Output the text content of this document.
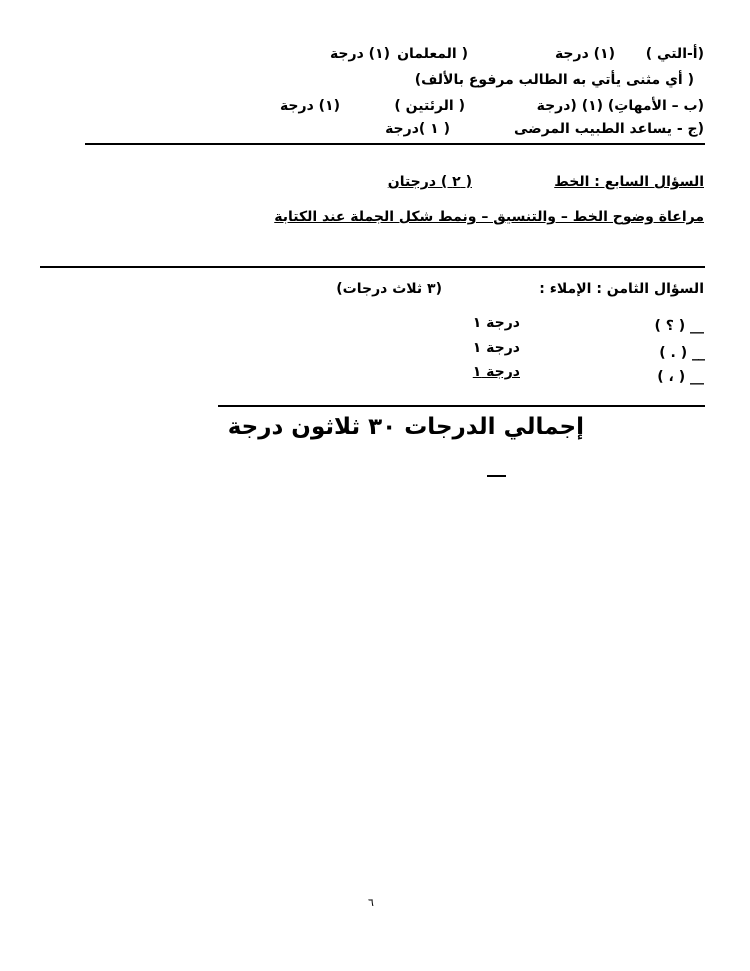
(أ-التي )
(١) درجة
( المعلمان
(١) درجة
( أي مثنى يأتي به الطالب مرفوع بالألف)
(ب – الأمهاتِ) (١) (درجة
( الرئتين )
(١) درجة
(ج - يساعد الطبيب المرضى
( ١ )درجة
السؤال السابع : الخط
( ٢ ) درجتان
مراعاة وضوح الخط – والتنسيق – ونمط شكل الجملة عند الكتابة
السؤال الثامن : الإملاء :
(٣ ثلاث درجات)
__ ( ؟ )
درجة ١
__ ( . )
درجة ١
__ ( ، )
درجة ١
إجمالي الدرجات ٣٠ ثلاثون درجة
٦
